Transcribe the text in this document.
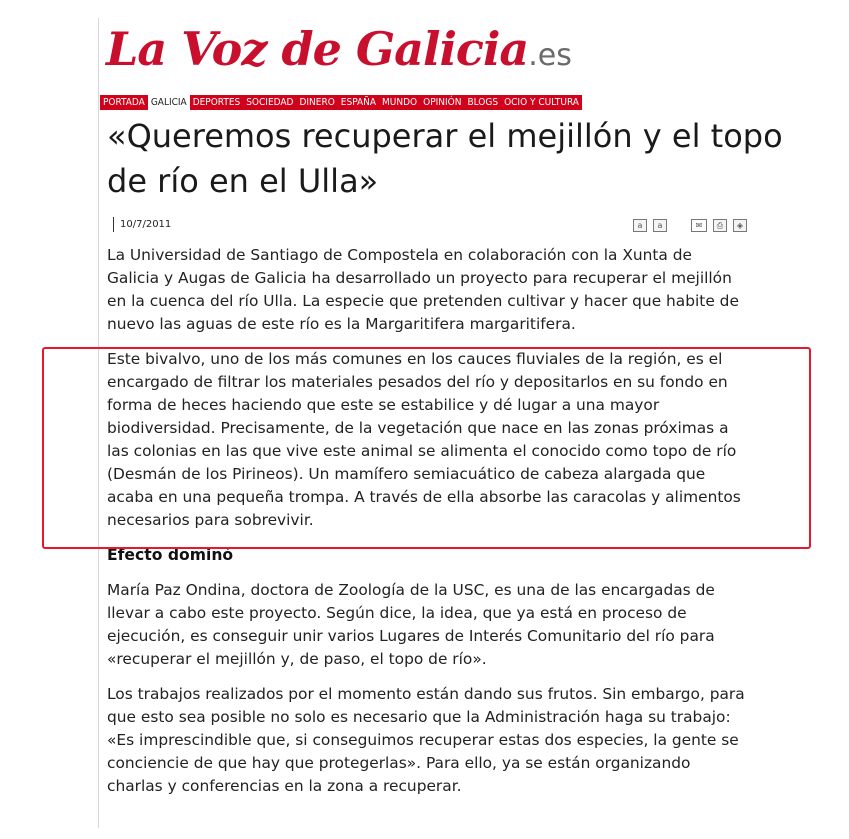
La Voz de Galicia.es
PORTADA GALICIA DEPORTES SOCIEDAD DINERO ESPAÑA MUNDO OPINIÓN BLOGS OCIO Y CULTURA
«Queremos recuperar el mejillón y el topo de río en el Ulla»
10/7/2011	a	a	✉	⎙	◈

La Universidad de Santiago de Compostela en colaboración con la Xunta de Galicia y Augas de Galicia ha desarrollado un proyecto para recuperar el mejillón en la cuenca del río Ulla. La especie que pretenden cultivar y hacer que habite de nuevo las aguas de este río es la Margaritifera margaritifera.

Este bivalvo, uno de los más comunes en los cauces fluviales de la región, es el encargado de filtrar los materiales pesados del río y depositarlos en su fondo en forma de heces haciendo que este se estabilice y dé lugar a una mayor biodiversidad. Precisamente, de la vegetación que nace en las zonas próximas a las colonias en las que vive este animal se alimenta el conocido como topo de río (Desmán de los Pirineos). Un mamífero semiacuático de cabeza alargada que acaba en una pequeña trompa. A través de ella absorbe las caracolas y alimentos necesarios para sobrevivir.

Efecto dominó

María Paz Ondina, doctora de Zoología de la USC, es una de las encargadas de llevar a cabo este proyecto. Según dice, la idea, que ya está en proceso de ejecución, es conseguir unir varios Lugares de Interés Comunitario del río para «recuperar el mejillón y, de paso, el topo de río».

Los trabajos realizados por el momento están dando sus frutos. Sin embargo, para que esto sea posible no solo es necesario que la Administración haga su trabajo: «Es imprescindible que, si conseguimos recuperar estas dos especies, la gente se conciencie de que hay que protegerlas». Para ello, ya se están organizando charlas y conferencias en la zona a recuperar.
